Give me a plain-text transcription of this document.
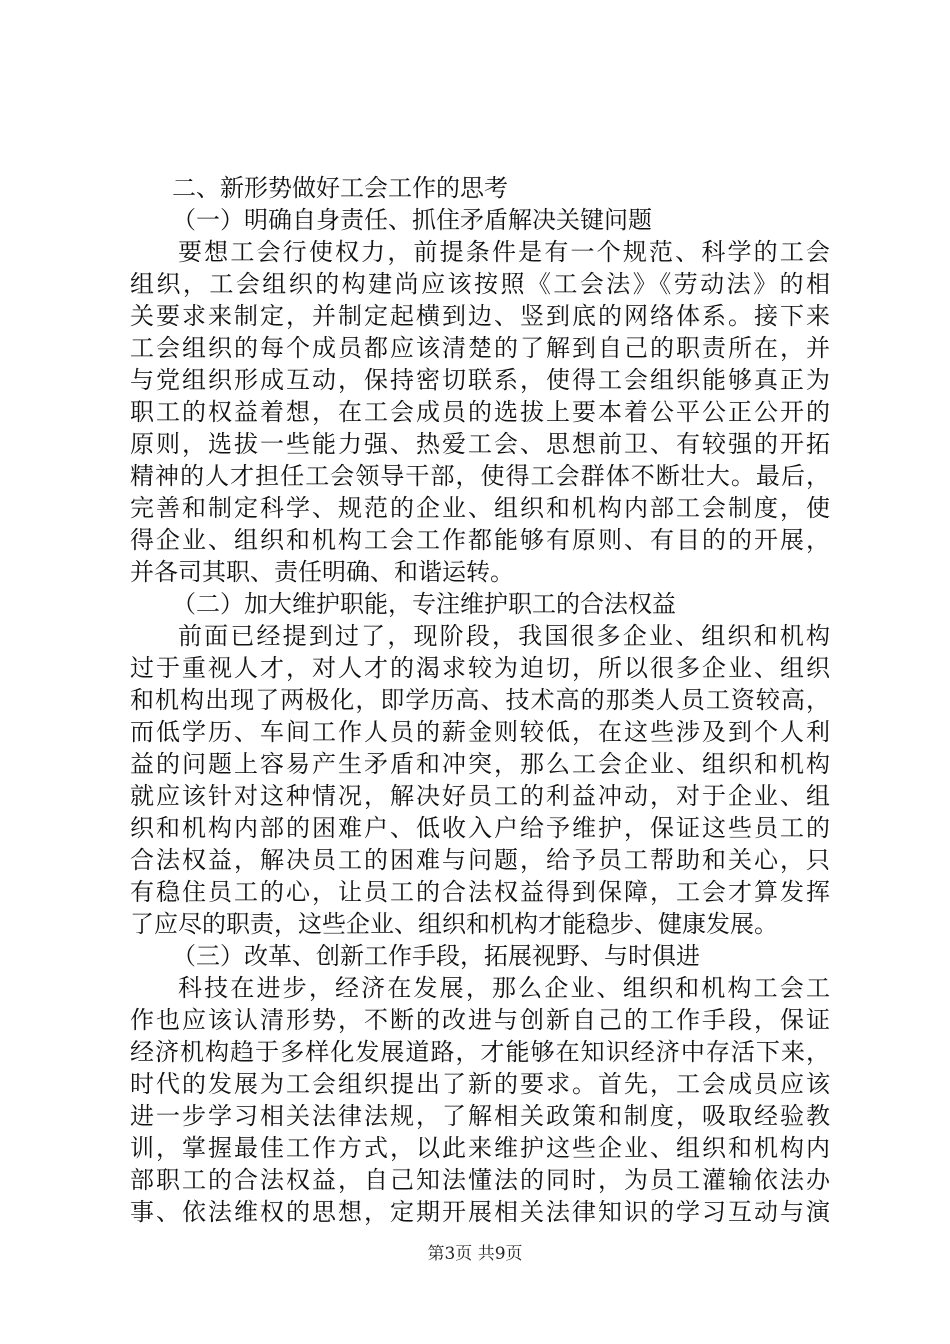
二、新形势做好工会工作的思考
（一）明确自身责任、抓住矛盾解决关键问题
要想工会行使权力，前提条件是有一个规范、科学的工会
组织，工会组织的构建尚应该按照《工会法》《劳动法》的相
关要求来制定，并制定起横到边、竖到底的网络体系。接下来
工会组织的每个成员都应该清楚的了解到自己的职责所在，并
与党组织形成互动，保持密切联系，使得工会组织能够真正为
职工的权益着想，在工会成员的选拔上要本着公平公正公开的
原则，选拔一些能力强、热爱工会、思想前卫、有较强的开拓
精神的人才担任工会领导干部，使得工会群体不断壮大。最后，
完善和制定科学、规范的企业、组织和机构内部工会制度，使
得企业、组织和机构工会工作都能够有原则、有目的的开展，
并各司其职、责任明确、和谐运转。
（二）加大维护职能，专注维护职工的合法权益
前面已经提到过了，现阶段，我国很多企业、组织和机构
过于重视人才，对人才的渴求较为迫切，所以很多企业、组织
和机构出现了两极化，即学历高、技术高的那类人员工资较高，
而低学历、车间工作人员的薪金则较低，在这些涉及到个人利
益的问题上容易产生矛盾和冲突，那么工会企业、组织和机构
就应该针对这种情况，解决好员工的利益冲动，对于企业、组
织和机构内部的困难户、低收入户给予维护，保证这些员工的
合法权益，解决员工的困难与问题，给予员工帮助和关心，只
有稳住员工的心，让员工的合法权益得到保障，工会才算发挥
了应尽的职责，这些企业、组织和机构才能稳步、健康发展。
（三）改革、创新工作手段，拓展视野、与时俱进
科技在进步，经济在发展，那么企业、组织和机构工会工
作也应该认清形势，不断的改进与创新自己的工作手段，保证
经济机构趋于多样化发展道路，才能够在知识经济中存活下来，
时代的发展为工会组织提出了新的要求。首先，工会成员应该
进一步学习相关法律法规，了解相关政策和制度，吸取经验教
训，掌握最佳工作方式，以此来维护这些企业、组织和机构内
部职工的合法权益，自己知法懂法的同时，为员工灌输依法办
事、依法维权的思想，定期开展相关法律知识的学习互动与演
第3页 共9页
